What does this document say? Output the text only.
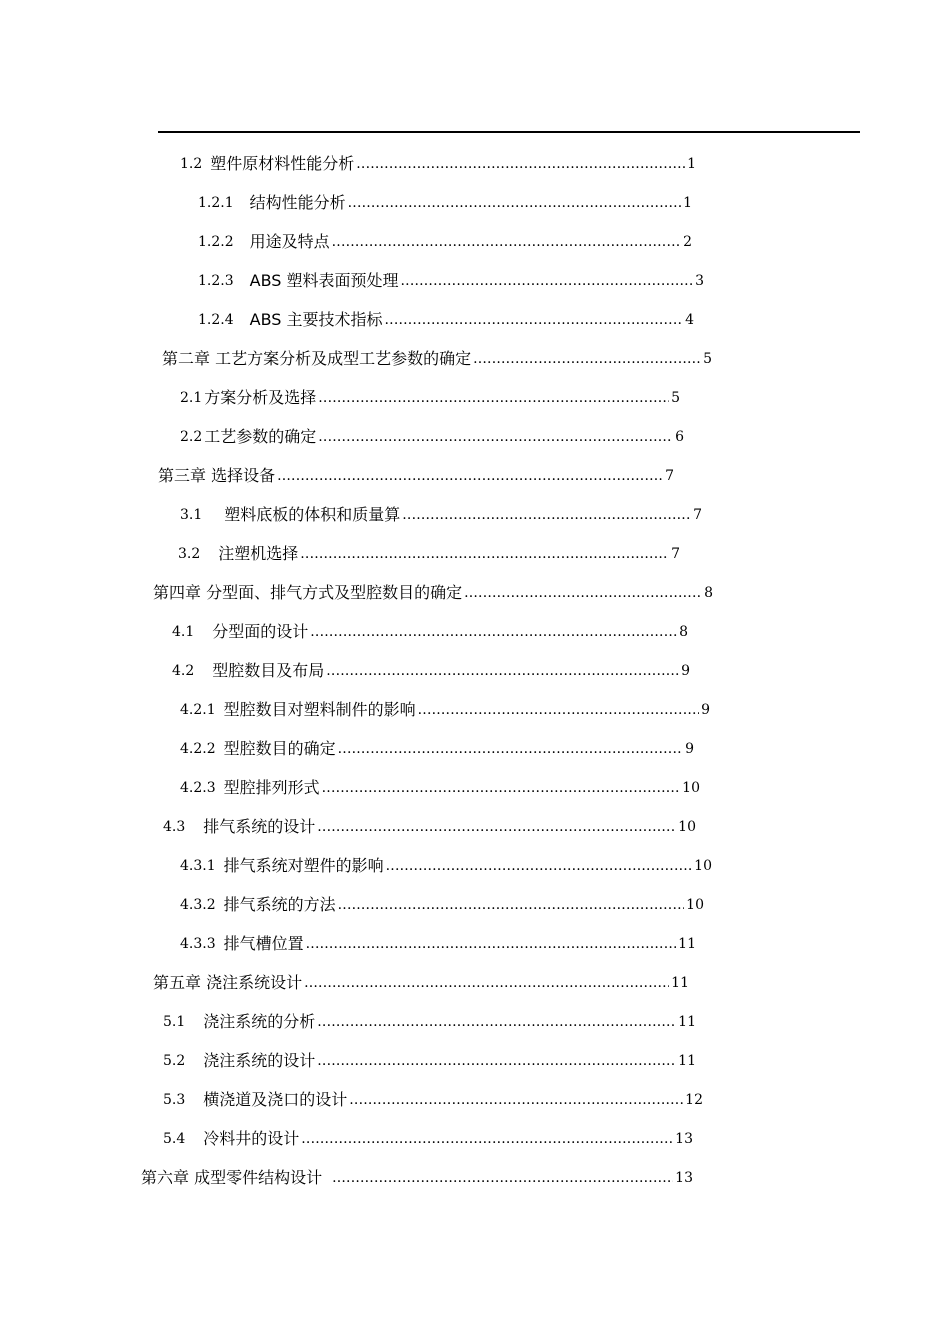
1.2 塑件原材料性能分析 .....	1
1.2.1 结构性能分析 .....	1
1.2.2 用途及特点 .....	2
1.2.3 ABS 塑料表面预处理 .....	3
1.2.4 ABS 主要技术指标 .....	4
第二章 工艺方案分析及成型工艺参数的确定 .....	5
2.1 方案分析及选择 .....	5
2.2 工艺参数的确定 .....	6
第三章 选择设备 .....	7
3.1 塑料底板的体积和质量算 .....	7
3.2 注塑机选择 .....	7
第四章 分型面、排气方式及型腔数目的确定 .....	8
4.1 分型面的设计 .....	8
4.2 型腔数目及布局 .....	9
4.2.1 型腔数目对塑料制件的影响 .....	9
4.2.2 型腔数目的确定 .....	9
4.2.3 型腔排列形式 .....	10
4.3 排气系统的设计 .....	10
4.3.1 排气系统对塑件的影响 .....	10
4.3.2 排气系统的方法 .....	10
4.3.3 排气槽位置 .....	11
第五章 浇注系统设计 .....	11
5.1 浇注系统的分析 .....	11
5.2 浇注系统的设计 .....	11
5.3 横浇道及浇口的设计 .....	12
5.4 冷料井的设计 .....	13
第六章 成型零件结构设计 .....	13
